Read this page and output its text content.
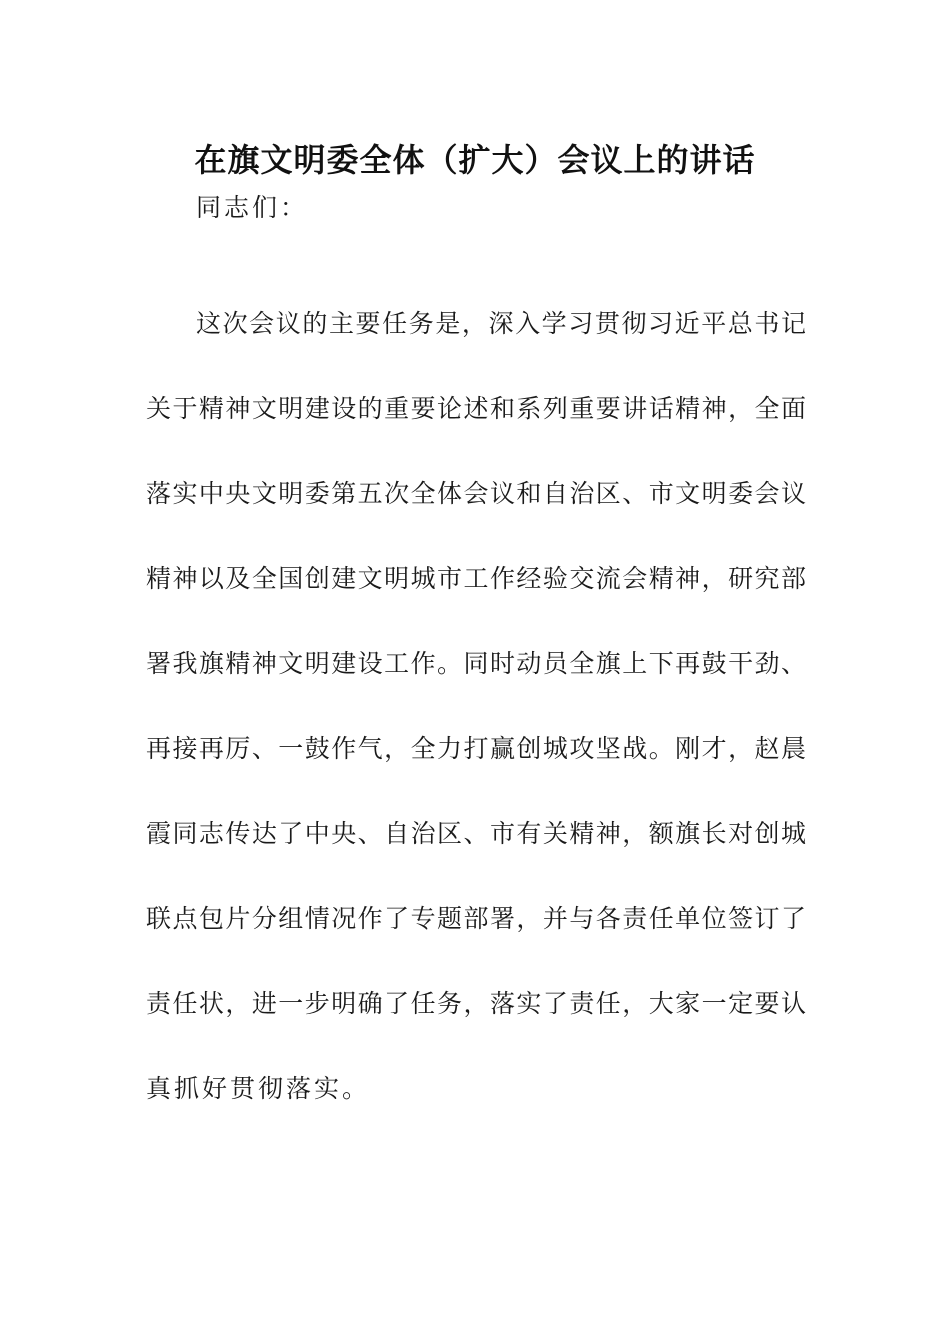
在旗文明委全体（扩大）会议上的讲话
同志们：
这次会议的主要任务是，深入学习贯彻习近平总书记
关于精神文明建设的重要论述和系列重要讲话精神，全面
落实中央文明委第五次全体会议和自治区、市文明委会议
精神以及全国创建文明城市工作经验交流会精神，研究部
署我旗精神文明建设工作。同时动员全旗上下再鼓干劲、
再接再厉、一鼓作气，全力打赢创城攻坚战。刚才，赵晨
霞同志传达了中央、自治区、市有关精神，额旗长对创城
联点包片分组情况作了专题部署，并与各责任单位签订了
责任状，进一步明确了任务，落实了责任，大家一定要认
真抓好贯彻落实。
